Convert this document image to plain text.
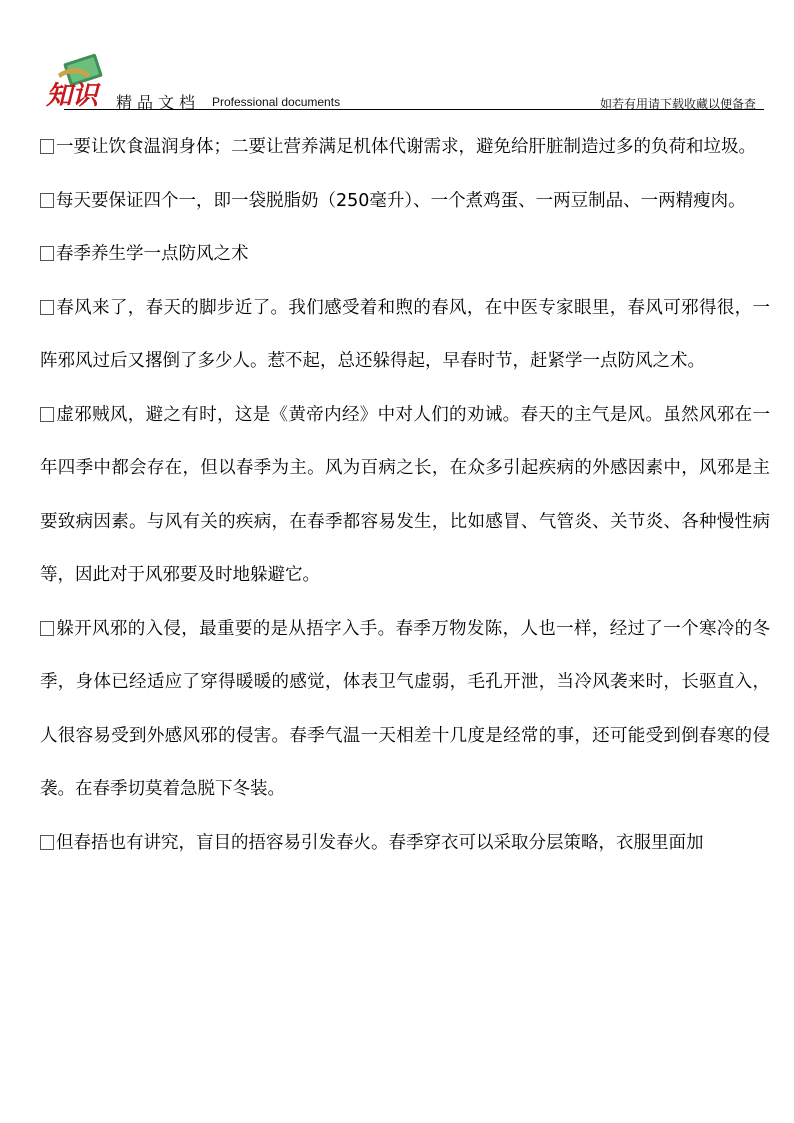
知识 精品文档 Professional documents	如若有用请下载收藏以便备查

一要让饮食温润身体；二要让营养满足机体代谢需求，避免给肝脏制造过多的负荷和垃圾。

每天要保证四个一，即一袋脱脂奶（250毫升）、一个煮鸡蛋、一两豆制品、一两精瘦肉。

春季养生学一点防风之术

春风来了，春天的脚步近了。我们感受着和煦的春风，在中医专家眼里，春风可邪得很，一阵邪风过后又撂倒了多少人。惹不起，总还躲得起，早春时节，赶紧学一点防风之术。

虚邪贼风，避之有时，这是《黄帝内经》中对人们的劝诫。春天的主气是风。虽然风邪在一年四季中都会存在，但以春季为主。风为百病之长，在众多引起疾病的外感因素中，风邪是主要致病因素。与风有关的疾病，在春季都容易发生，比如感冒、气管炎、关节炎、各种慢性病等，因此对于风邪要及时地躲避它。

躲开风邪的入侵，最重要的是从捂字入手。春季万物发陈，人也一样，经过了一个寒冷的冬季，身体已经适应了穿得暖暖的感觉，体表卫气虚弱，毛孔开泄，当冷风袭来时，长驱直入，人很容易受到外感风邪的侵害。春季气温一天相差十几度是经常的事，还可能受到倒春寒的侵袭。在春季切莫着急脱下冬装。

但春捂也有讲究，盲目的捂容易引发春火。春季穿衣可以采取分层策略，衣服里面加
